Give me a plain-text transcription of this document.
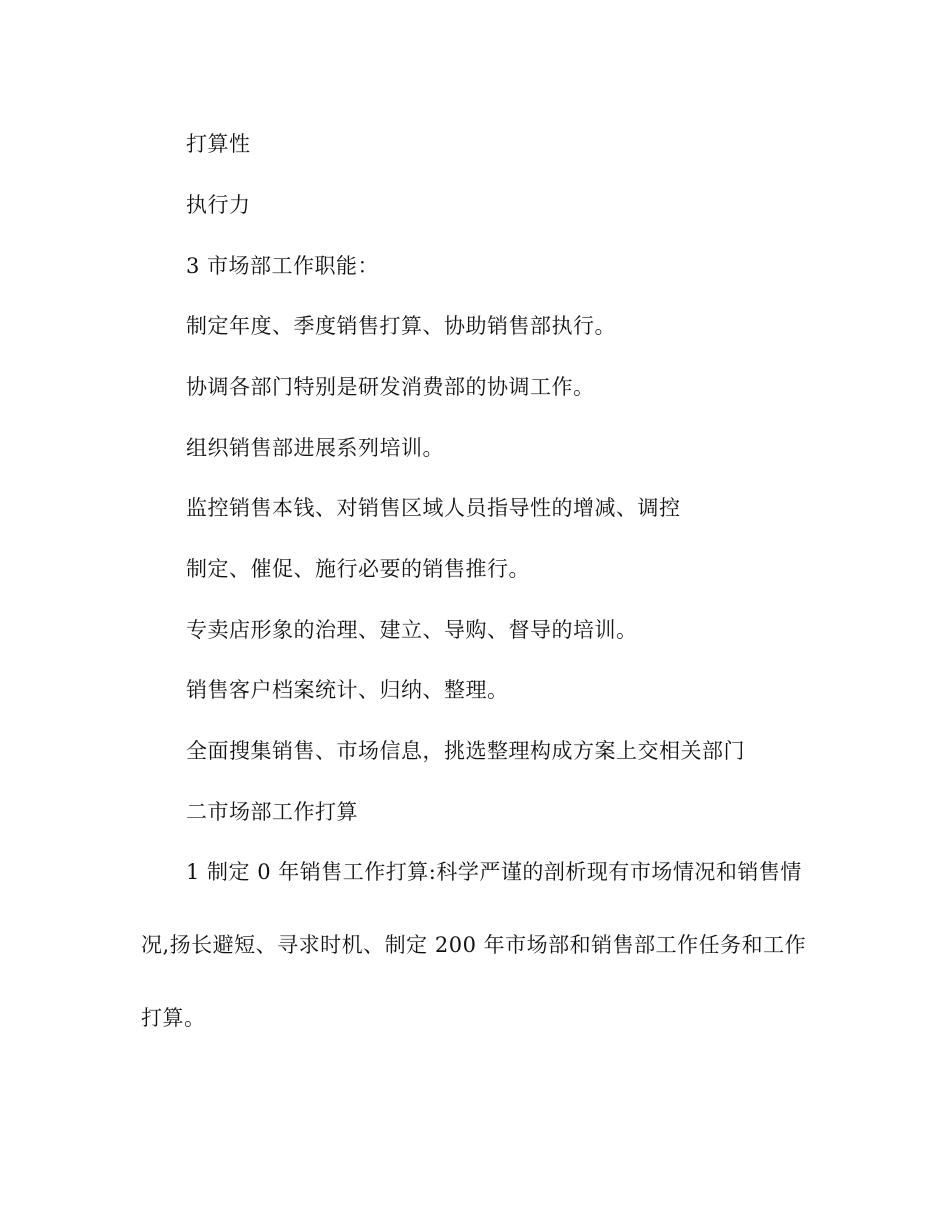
打算性
执行力
3 市场部工作职能：
制定年度、季度销售打算、协助销售部执行。
协调各部门特别是研发消费部的协调工作。
组织销售部进展系列培训。
监控销售本钱、对销售区域人员指导性的增减、调控
制定、催促、施行必要的销售推行。
专卖店形象的治理、建立、导购、督导的培训。
销售客户档案统计、归纳、整理。
全面搜集销售、市场信息，挑选整理构成方案上交相关部门
二市场部工作打算
1 制定 0 年销售工作打算:科学严谨的剖析现有市场情况和销售情
况,扬长避短、寻求时机、制定 200 年市场部和销售部工作任务和工作
打算。
